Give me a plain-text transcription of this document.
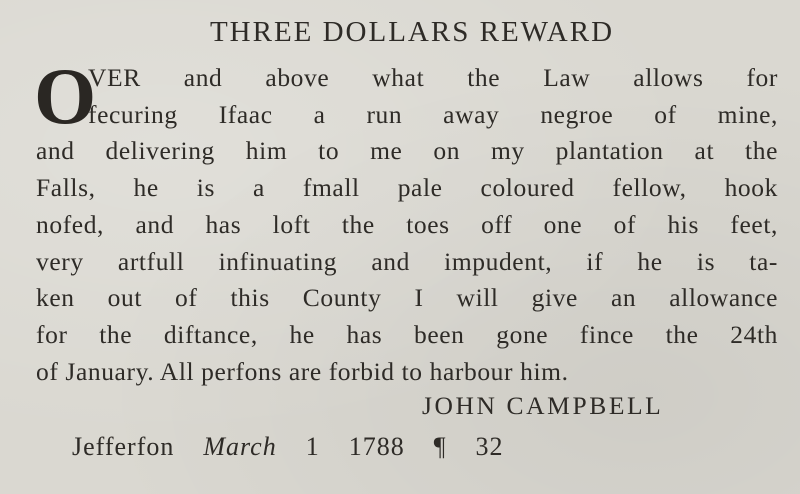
THREE DOLLARS REWARD
O
VER and above what the Law allows for
fecuring Ifaac a run away negroe of mine,
and delivering him to me on my plantation at the
Falls, he is a fmall pale coloured fellow, hook
nofed, and has loft the toes off one of his feet,
very artfull infinuating and impudent, if he is ta-
ken out of this County I will give an allowance
for the diftance, he has been gone fince the 24th
of January. All perfons are forbid to harbour him.
JOHN CAMPBELL
Jefferfon March 1 1788 ¶ 32
